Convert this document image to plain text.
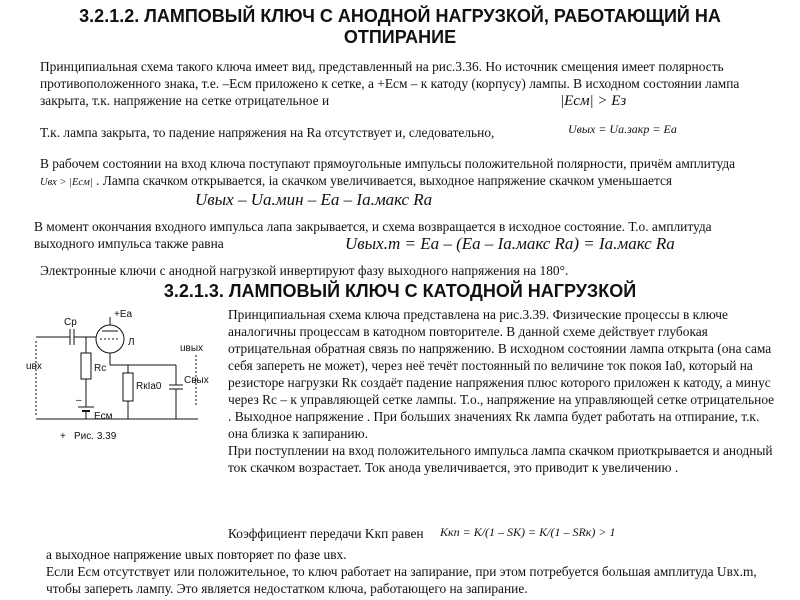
3.2.1.2. ЛАМПОВЫЙ КЛЮЧ С АНОДНОЙ НАГРУЗКОЙ, РАБОТАЮЩИЙ НА
ОТПИРАНИЕ
Принципиальная схема такого ключа имеет вид, представленный на рис.3.36. Но источник смещения имеет полярность противоположенного знака, т.е. –Eсм приложено к сетке, а +Eсм – к катоду (корпусу) лампы. В исходном состоянии лампа закрыта, т.к. напряжение на сетке отрицательное и	|Eсм| > Eз
Т.к. лампа закрыта, то падение напряжения на Ra отсутствует и, следовательно,	Uвых = Uа.закр = Eа
В рабочем состоянии на вход ключа поступают прямоугольные импульсы положительной полярности, причём амплитуда Uвх > |Eсм| . Лампа скачком открывается, ia скачком увеличивается, выходное напряжение скачком уменьшается
Uвых – Uа.мин – Eа – Iа.макс Ra
В момент окончания входного импульса лапа закрывается, и схема возвращается в исходное состояние. Т.о. амплитуда выходного импульса также равна	Uвых.m = Eа – (Eа – Iа.макс Ra) = Iа.макс Ra
Электронные ключи с анодной нагрузкой инвертируют фазу выходного напряжения на 180°.
3.2.1.3. ЛАМПОВЫЙ КЛЮЧ С КАТОДНОЙ НАГРУЗКОЙ
Cр
+Eа
Л
uвх
uвых
Rс
RкIа0
Cвых
Eсм
–
+ Рис. 3.39
Принципиальная схема ключа представлена на рис.3.39. Физические процессы в ключе аналогичны процессам в катодном повторителе. В данной схеме действует глубокая отрицательная обратная связь по напряжению. В исходном состоянии лампа открыта (она сама себя запереть не может), через неё течёт постоянный по величине ток покоя Ia0, который на резисторе нагрузки Rк создаёт падение напряжения плюс которого приложен к катоду, а минус через Rc – к управляющей сетке лампы. Т.о., напряжение на управляющей сетке отрицательное . Выходное напряжение . При больших значениях Rк лампа будет работать на отпирание, т.к. она близка к запиранию.
При поступлении на вход положительного импульса лампа скачком приоткрывается и анодный ток скачком возрастает. Ток анода увеличивается, это приводит к увеличению .
Коэффициент передачи Kкп равен Kкп = K/(1 – SK) = K/(1 – SRк) > 1
а выходное напряжение uвых повторяет по фазе uвх.
Если Eсм отсутствует или положительное, то ключ работает на запирание, при этом потребуется большая амплитуда Uвх.m, чтобы запереть лампу. Это является недостатком ключа, работающего на запирание.
